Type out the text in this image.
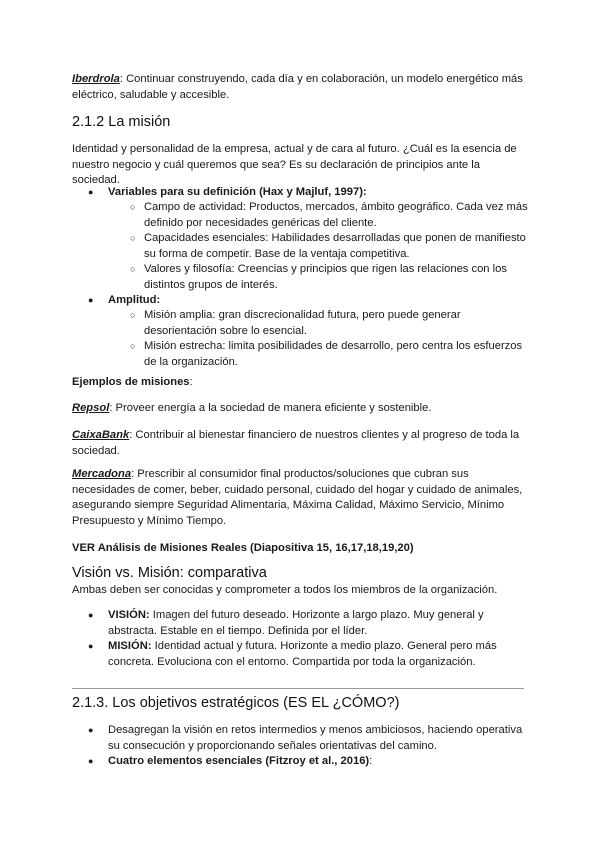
Iberdrola: Continuar construyendo, cada día y en colaboración, un modelo energético más eléctrico, saludable y accesible.

2.1.2 La misión

Identidad y personalidad de la empresa, actual y de cara al futuro. ¿Cuál es la esencia de nuestro negocio y cuál queremos que sea? Es su declaración de principios ante la sociedad.

● Variables para su definición (Hax y Majluf, 1997):
○ Campo de actividad: Productos, mercados, ámbito geográfico. Cada vez más definido por necesidades genéricas del cliente.
○ Capacidades esenciales: Habilidades desarrolladas que ponen de manifiesto su forma de competir. Base de la ventaja competitiva.
○ Valores y filosofía: Creencias y principios que rigen las relaciones con los distintos grupos de interés.
● Amplitud:
○ Misión amplia: gran discrecionalidad futura, pero puede generar desorientación sobre lo esencial.
○ Misión estrecha: limita posibilidades de desarrollo, pero centra los esfuerzos de la organización.

Ejemplos de misiones:

Repsol: Proveer energía a la sociedad de manera eficiente y sostenible.

CaixaBank: Contribuir al bienestar financiero de nuestros clientes y al progreso de toda la sociedad.

Mercadona: Prescribir al consumidor final productos/soluciones que cubran sus necesidades de comer, beber, cuidado personal, cuidado del hogar y cuidado de animales, asegurando siempre Seguridad Alimentaria, Máxima Calidad, Máximo Servicio, Mínimo Presupuesto y Mínimo Tiempo.

VER Análisis de Misiones Reales (Diapositiva 15, 16,17,18,19,20)

Visión vs. Misión: comparativa

Ambas deben ser conocidas y comprometer a todos los miembros de la organización.

● VISIÓN: Imagen del futuro deseado. Horizonte a largo plazo. Muy general y abstracta. Estable en el tiempo. Definida por el líder.
● MISIÓN: Identidad actual y futura. Horizonte a medio plazo. General pero más concreta. Evoluciona con el entorno. Compartida por toda la organización.
2.1.3. Los objetivos estratégicos (ES EL ¿CÓMO?)
● Desagregan la visión en retos intermedios y menos ambiciosos, haciendo operativa su consecución y proporcionando señales orientativas del camino.
● Cuatro elementos esenciales (Fitzroy et al., 2016):
